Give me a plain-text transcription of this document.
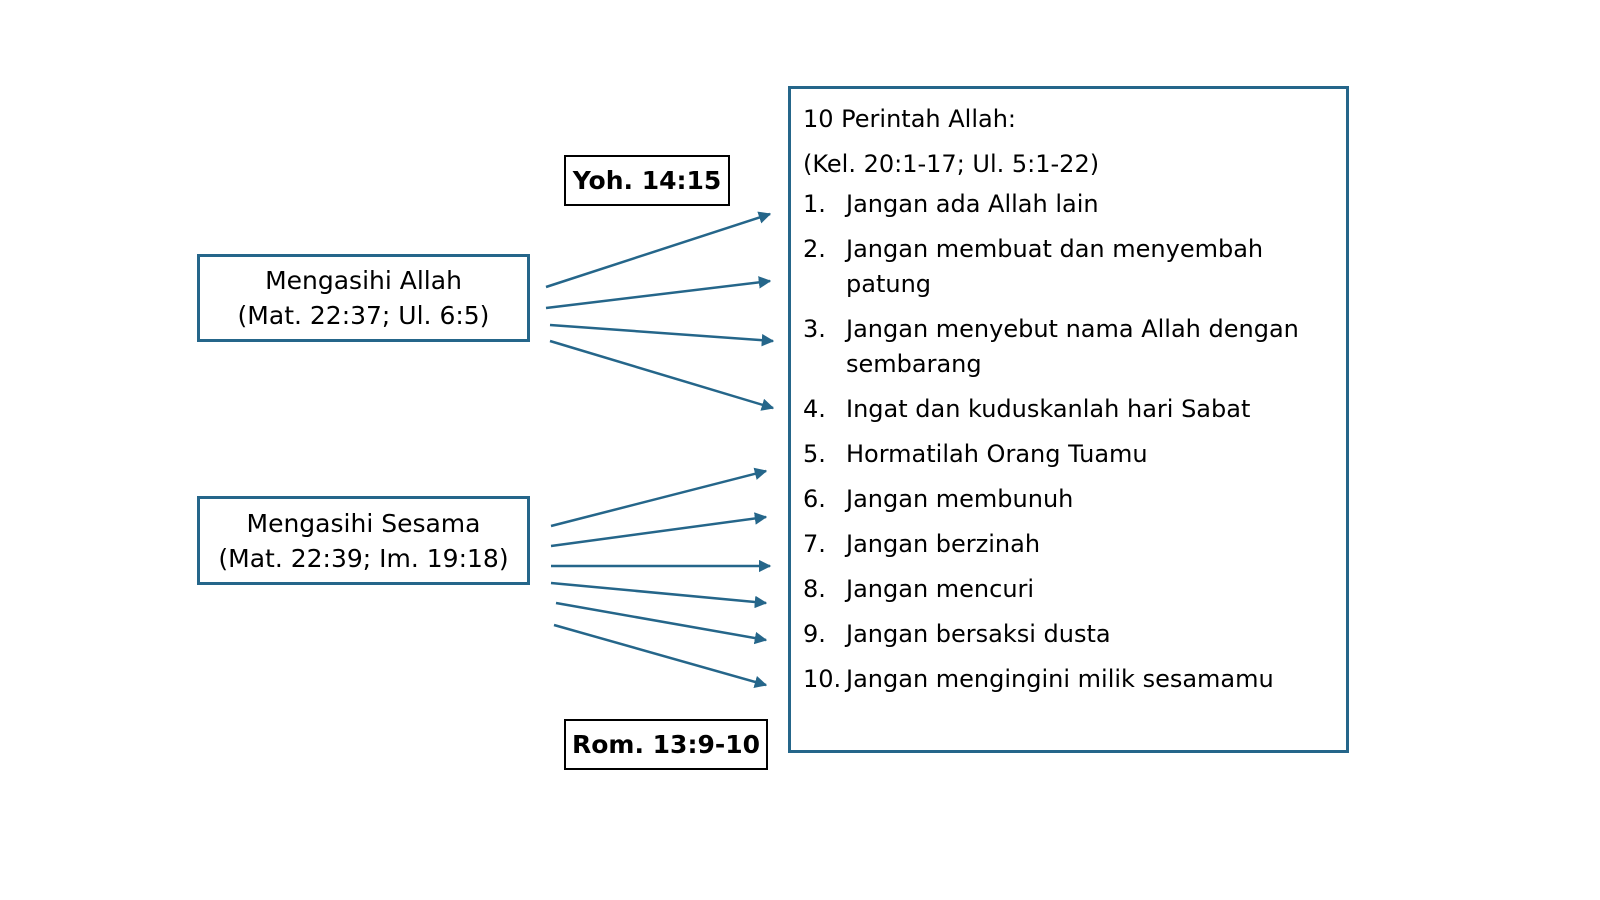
Mengasihi Allah
(Mat. 22:37; Ul. 6:5)
Mengasihi Sesama
(Mat. 22:39; Im. 19:18)
Yoh. 14:15
Rom. 13:9-10
10 Perintah Allah:
(Kel. 20:1-17; Ul. 5:1-22)
1. Jangan ada Allah lain
2. Jangan membuat dan menyembah patung
3. Jangan menyebut nama Allah dengan sembarang
4. Ingat dan kuduskanlah hari Sabat
5. Hormatilah Orang Tuamu
6. Jangan membunuh
7. Jangan berzinah
8. Jangan mencuri
9. Jangan bersaksi dusta
10. Jangan mengingini milik sesamamu
